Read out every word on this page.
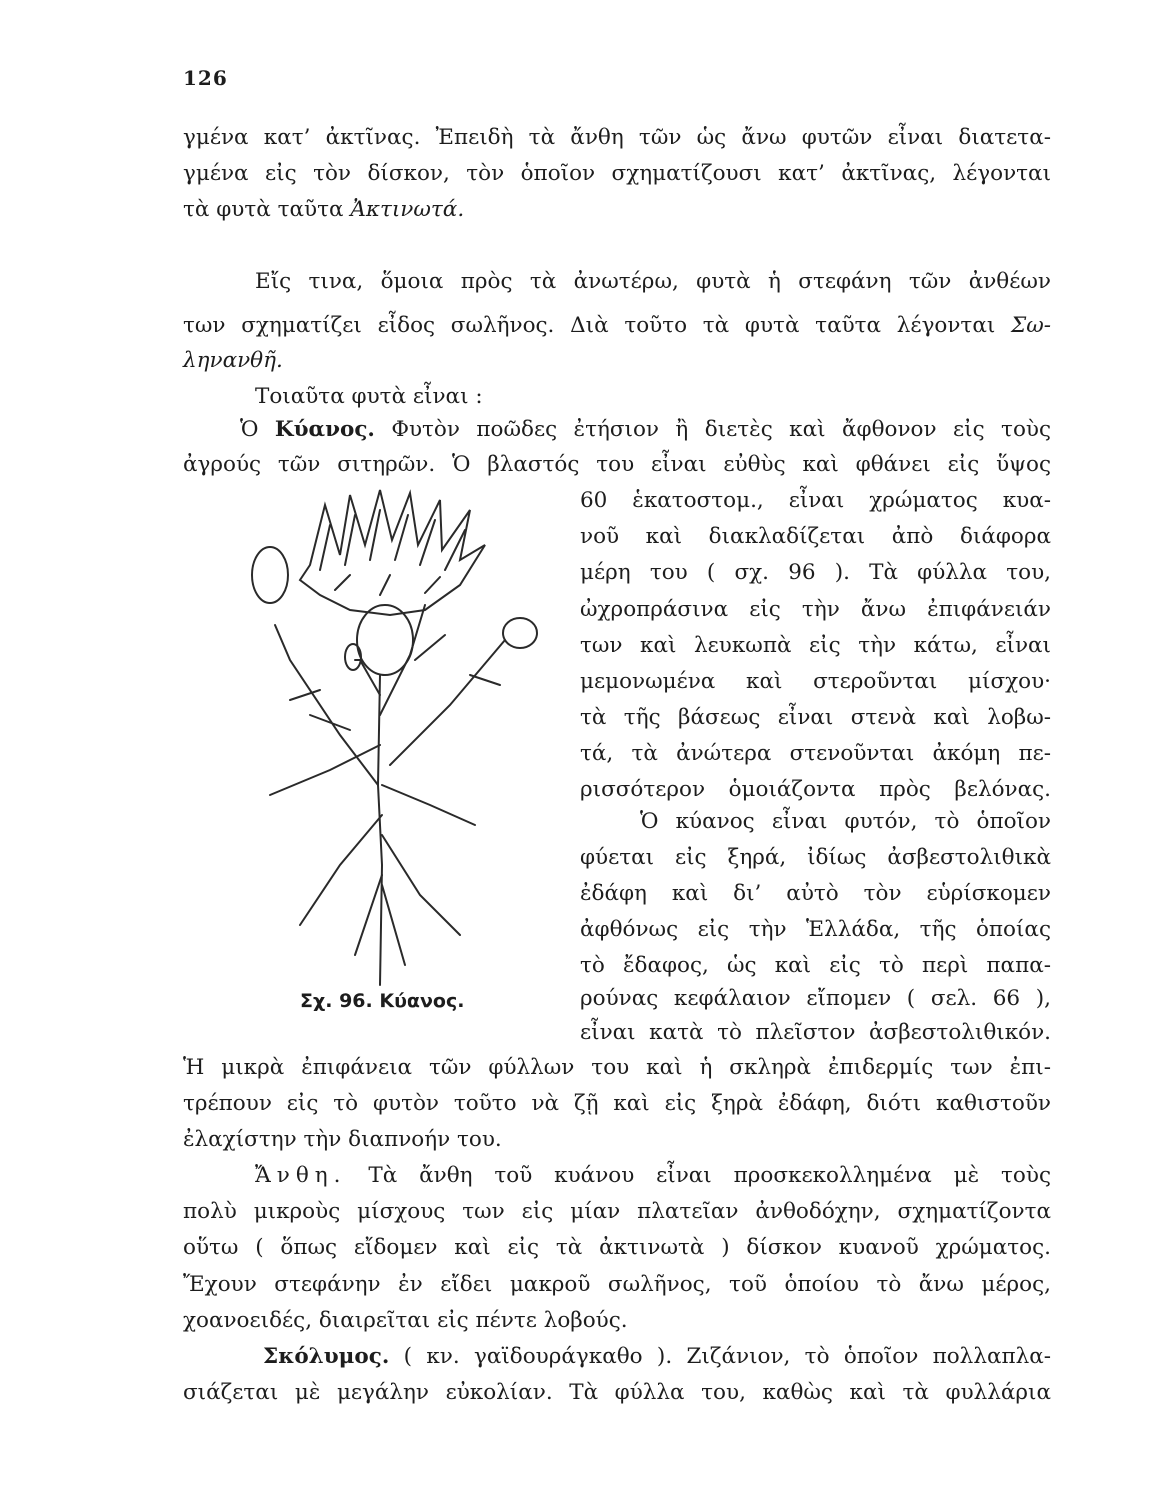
126
γμένα κατ’ ἀκτῖνας. Ἐπειδὴ τὰ ἄνθη τῶν ὡς ἄνω φυτῶν εἶναι διατετα-
γμένα εἰς τὸν δίσκον, τὸν ὁποῖον σχηματίζουσι κατ’ ἀκτῖνας, λέγονται
τὰ φυτὰ ταῦτα Ἀκτινωτά.
Εἴς τινα, ὅμοια πρὸς τὰ ἀνωτέρω, φυτὰ ἡ στεφάνη τῶν ἀνθέων
των σχηματίζει εἶδος σωλῆνος. Διὰ τοῦτο τὰ φυτὰ ταῦτα λέγονται Σω-
ληνανθῆ.
Τοιαῦτα φυτὰ εἶναι :
Ὁ Κύανος. Φυτὸν ποῶδες ἐτήσιον ἢ διετὲς καὶ ἄφθονον εἰς τοὺς
ἀγρούς τῶν σιτηρῶν. Ὁ βλαστός του εἶναι εὐθὺς καὶ φθάνει εἰς ὕψος
60 ἑκατοστομ., εἶναι χρώματος κυα-
νοῦ καὶ διακλαδίζεται ἀπὸ διάφορα
μέρη του ( σχ. 96 ). Τὰ φύλλα του,
ὠχροπράσινα εἰς τὴν ἄνω ἐπιφάνειάν
των καὶ λευκωπὰ εἰς τὴν κάτω, εἶναι
μεμονωμένα καὶ στεροῦνται μίσχου·
τὰ τῆς βάσεως εἶναι στενὰ καὶ λοβω-
τά, τὰ ἀνώτερα στενοῦνται ἀκόμη πε-
ρισσότερον ὁμοιάζοντα πρὸς βελόνας.
Ὁ κύανος εἶναι φυτόν, τὸ ὁποῖον
φύεται εἰς ξηρά, ἰδίως ἀσβεστολιθικὰ
ἐδάφη καὶ δι’ αὐτὸ τὸν εὑρίσκομεν
ἀφθόνως εἰς τὴν Ἑλλάδα, τῆς ὁποίας
τὸ ἔδαφος, ὡς καὶ εἰς τὸ περὶ παπα-
ρούνας κεφάλαιον εἴπομεν ( σελ. 66 ),
εἶναι κατὰ τὸ πλεῖστον ἀσβεστολιθικόν.
Σχ. 96. Κύανος.
Ἡ μικρὰ ἐπιφάνεια τῶν φύλλων του καὶ ἡ σκληρὰ ἐπιδερμίς των ἐπι-
τρέπουν εἰς τὸ φυτὸν τοῦτο νὰ ζῇ καὶ εἰς ξηρὰ ἐδάφη, διότι καθιστοῦν
ἐλαχίστην τὴν διαπνοήν του.
Ἄνθη. Τὰ ἄνθη τοῦ κυάνου εἶναι προσκεκολλημένα μὲ τοὺς
πολὺ μικροὺς μίσχους των εἰς μίαν πλατεῖαν ἀνθοδόχην, σχηματίζοντα
οὕτω ( ὅπως εἴδομεν καὶ εἰς τὰ ἀκτινωτὰ ) δίσκον κυανοῦ χρώματος.
Ἔχουν στεφάνην ἐν εἴδει μακροῦ σωλῆνος, τοῦ ὁποίου τὸ ἄνω μέρος,
χοανοειδές, διαιρεῖται εἰς πέντε λοβούς.
Σκόλυμος. ( κν. γαϊδουράγκαθο ). Ζιζάνιον, τὸ ὁποῖον πολλαπλα-
σιάζεται μὲ μεγάλην εὐκολίαν. Τὰ φύλλα του, καθὼς καὶ τὰ φυλλάρια
